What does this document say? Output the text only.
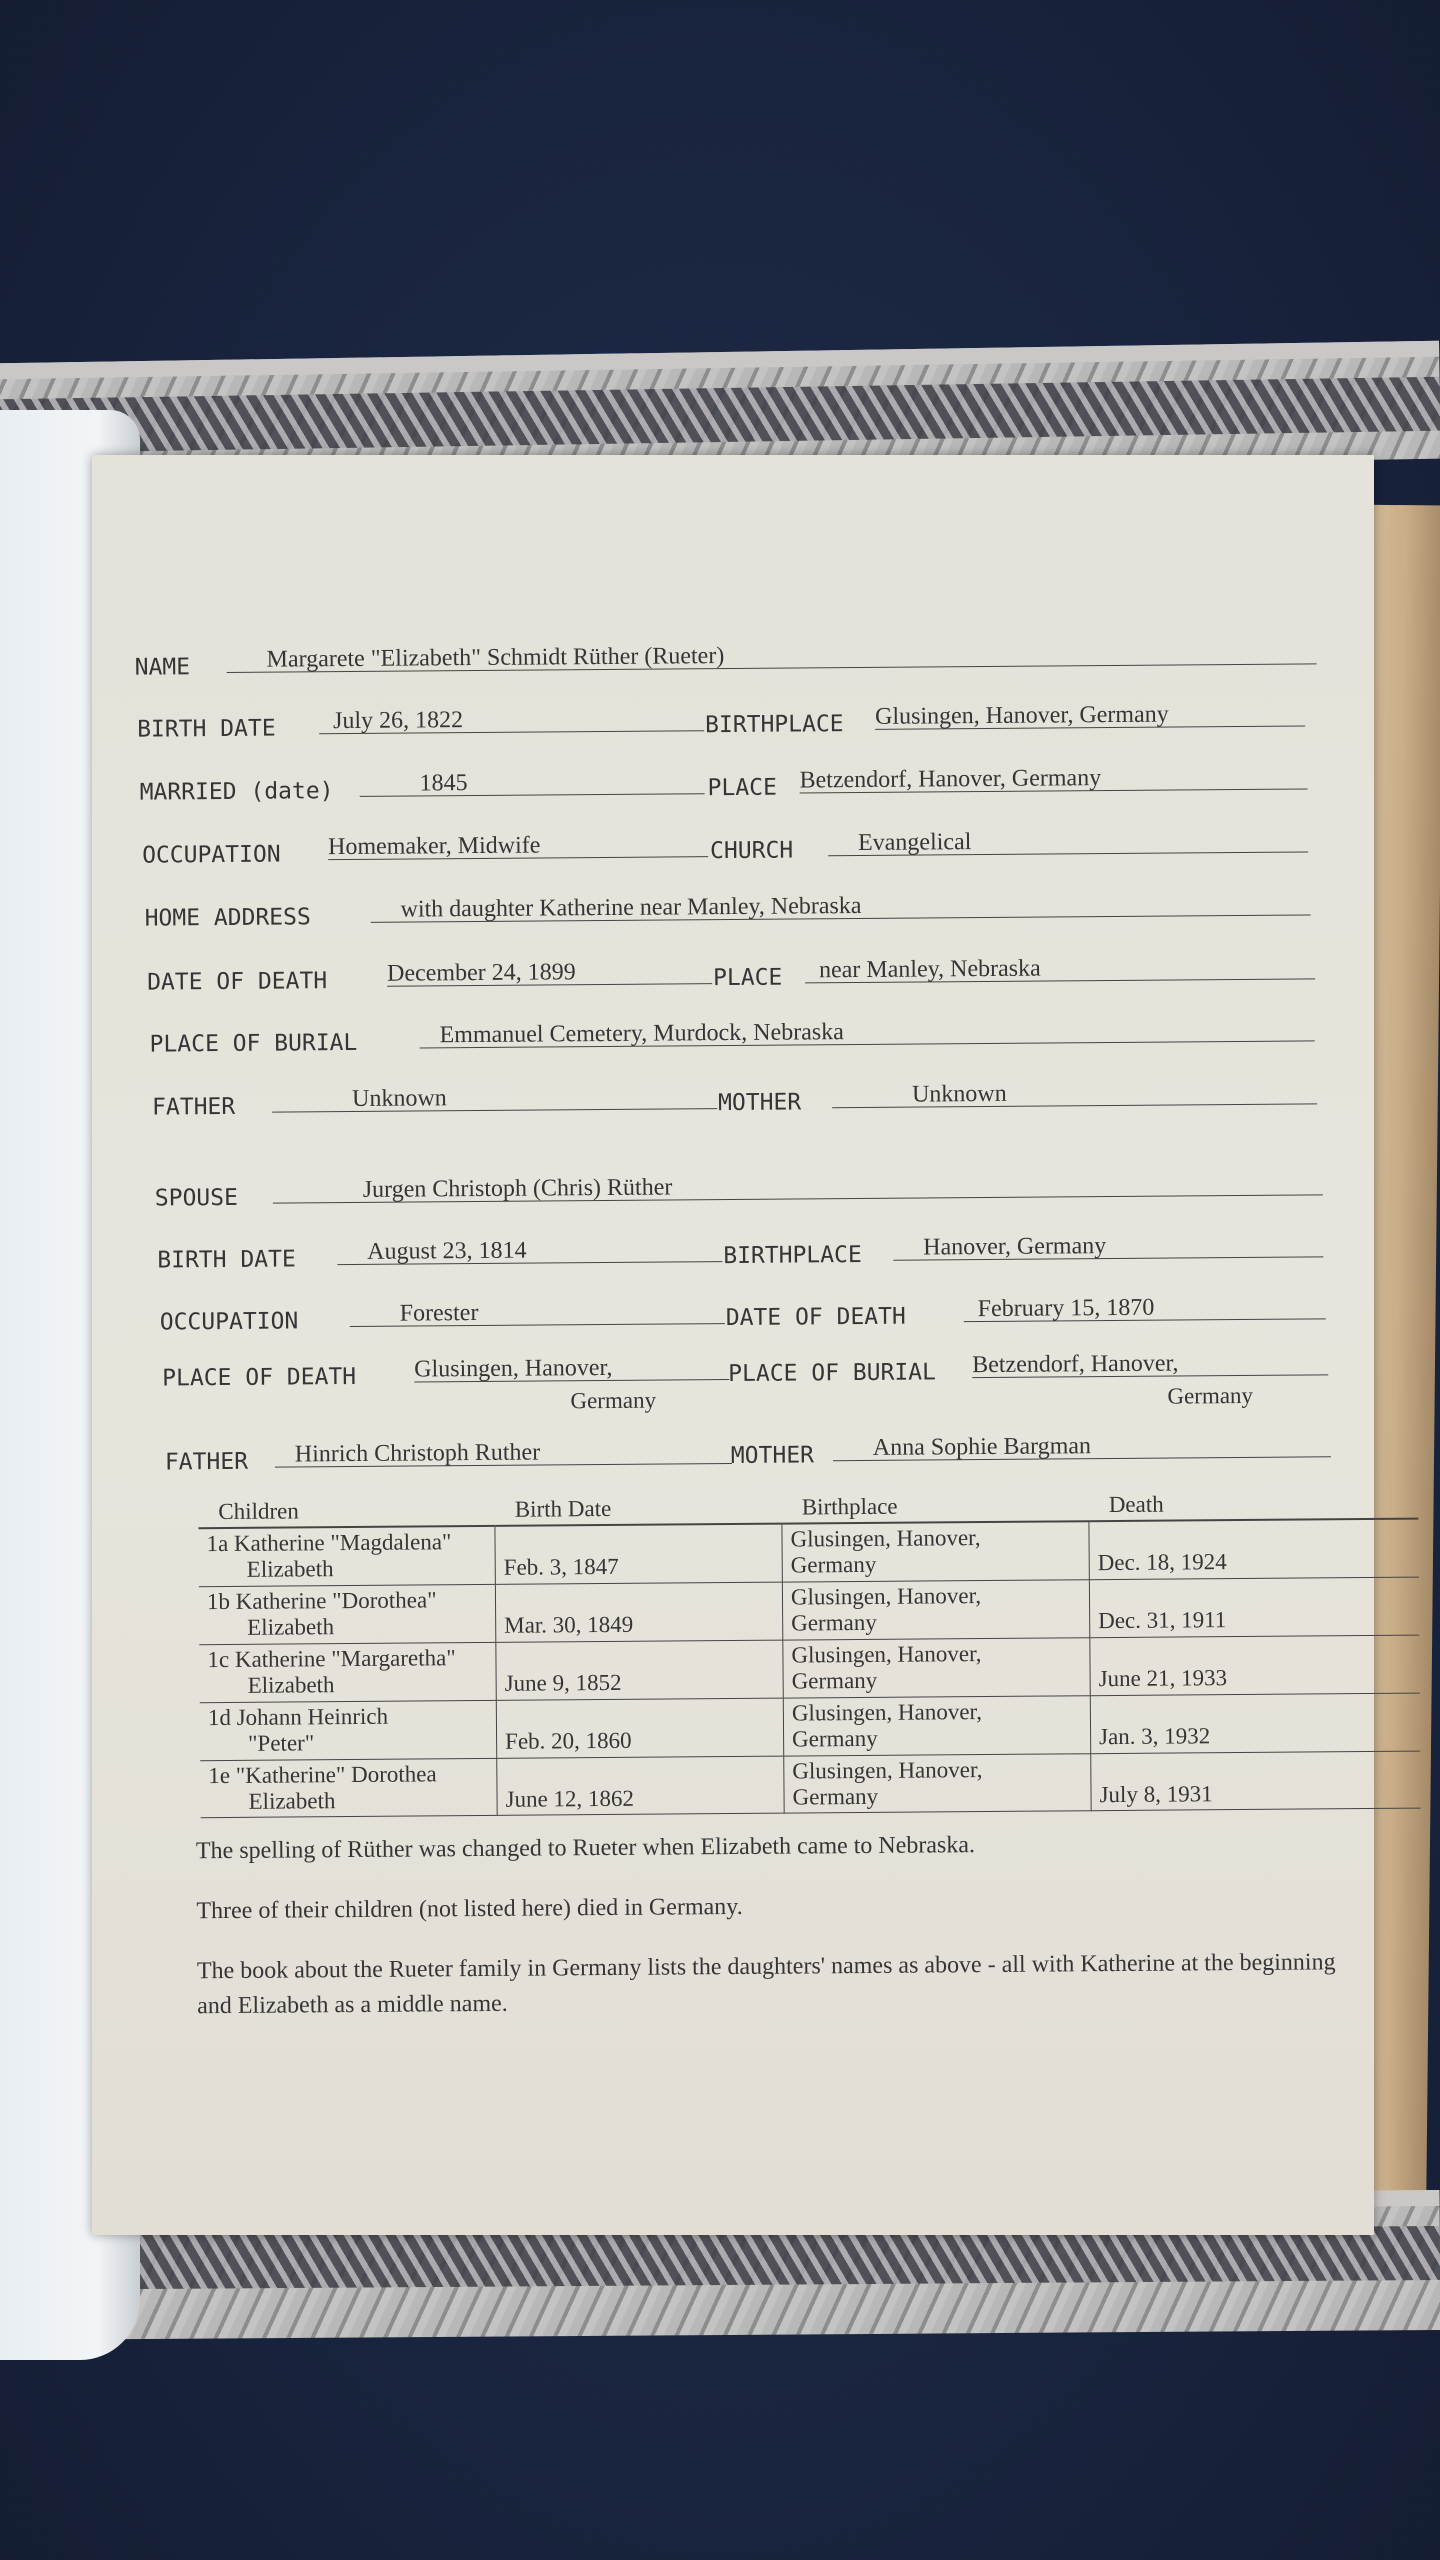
NAME	Margarete "Elizabeth" Schmidt Rüther (Rueter)
BIRTH DATE	July 26, 1822	BIRTHPLACE Glusingen, Hanover, Germany
MARRIED (date)	1845	PLACE Betzendorf, Hanover, Germany
OCCUPATION Homemaker, Midwife	CHURCH	Evangelical
HOME ADDRESS	with daughter Katherine near Manley, Nebraska
DATE OF DEATH December 24, 1899	PLACE	near Manley, Nebraska
PLACE OF BURIAL	Emmanuel Cemetery, Murdock, Nebraska
FATHER	Unknown	MOTHER	Unknown
SPOUSE	Jurgen Christoph (Chris) Rüther
BIRTH DATE	August 23, 1814	BIRTHPLACE	Hanover, Germany
OCCUPATION	Forester	DATE OF DEATH	February 15, 1870
PLACE OF DEATH Glusingen, Hanover,
Germany
PLACE OF BURIAL Betzendorf, Hanover,
Germany
FATHER	Hinrich Christoph Ruther	MOTHER	Anna Sophie Bargman
Children	Birth Date	Birthplace	Death
1a Katherine "Magdalena"
Elizabeth	Feb. 3, 1847	Glusingen, Hanover,
Germany	Dec. 18, 1924
1b Katherine "Dorothea"
Elizabeth	Mar. 30, 1849	Glusingen, Hanover,
Germany	Dec. 31, 1911
1c Katherine "Margaretha"
Elizabeth	June 9, 1852	Glusingen, Hanover,
Germany	June 21, 1933
1d Johann Heinrich
"Peter"	Feb. 20, 1860	Glusingen, Hanover,
Germany	Jan. 3, 1932
1e "Katherine" Dorothea
Elizabeth	June 12, 1862	Glusingen, Hanover,
Germany	July 8, 1931
The spelling of Rüther was changed to Rueter when Elizabeth came to Nebraska.
Three of their children (not listed here) died in Germany.
The book about the Rueter family in Germany lists the daughters' names as above - all with Katherine at the beginning and Elizabeth as a middle name.
